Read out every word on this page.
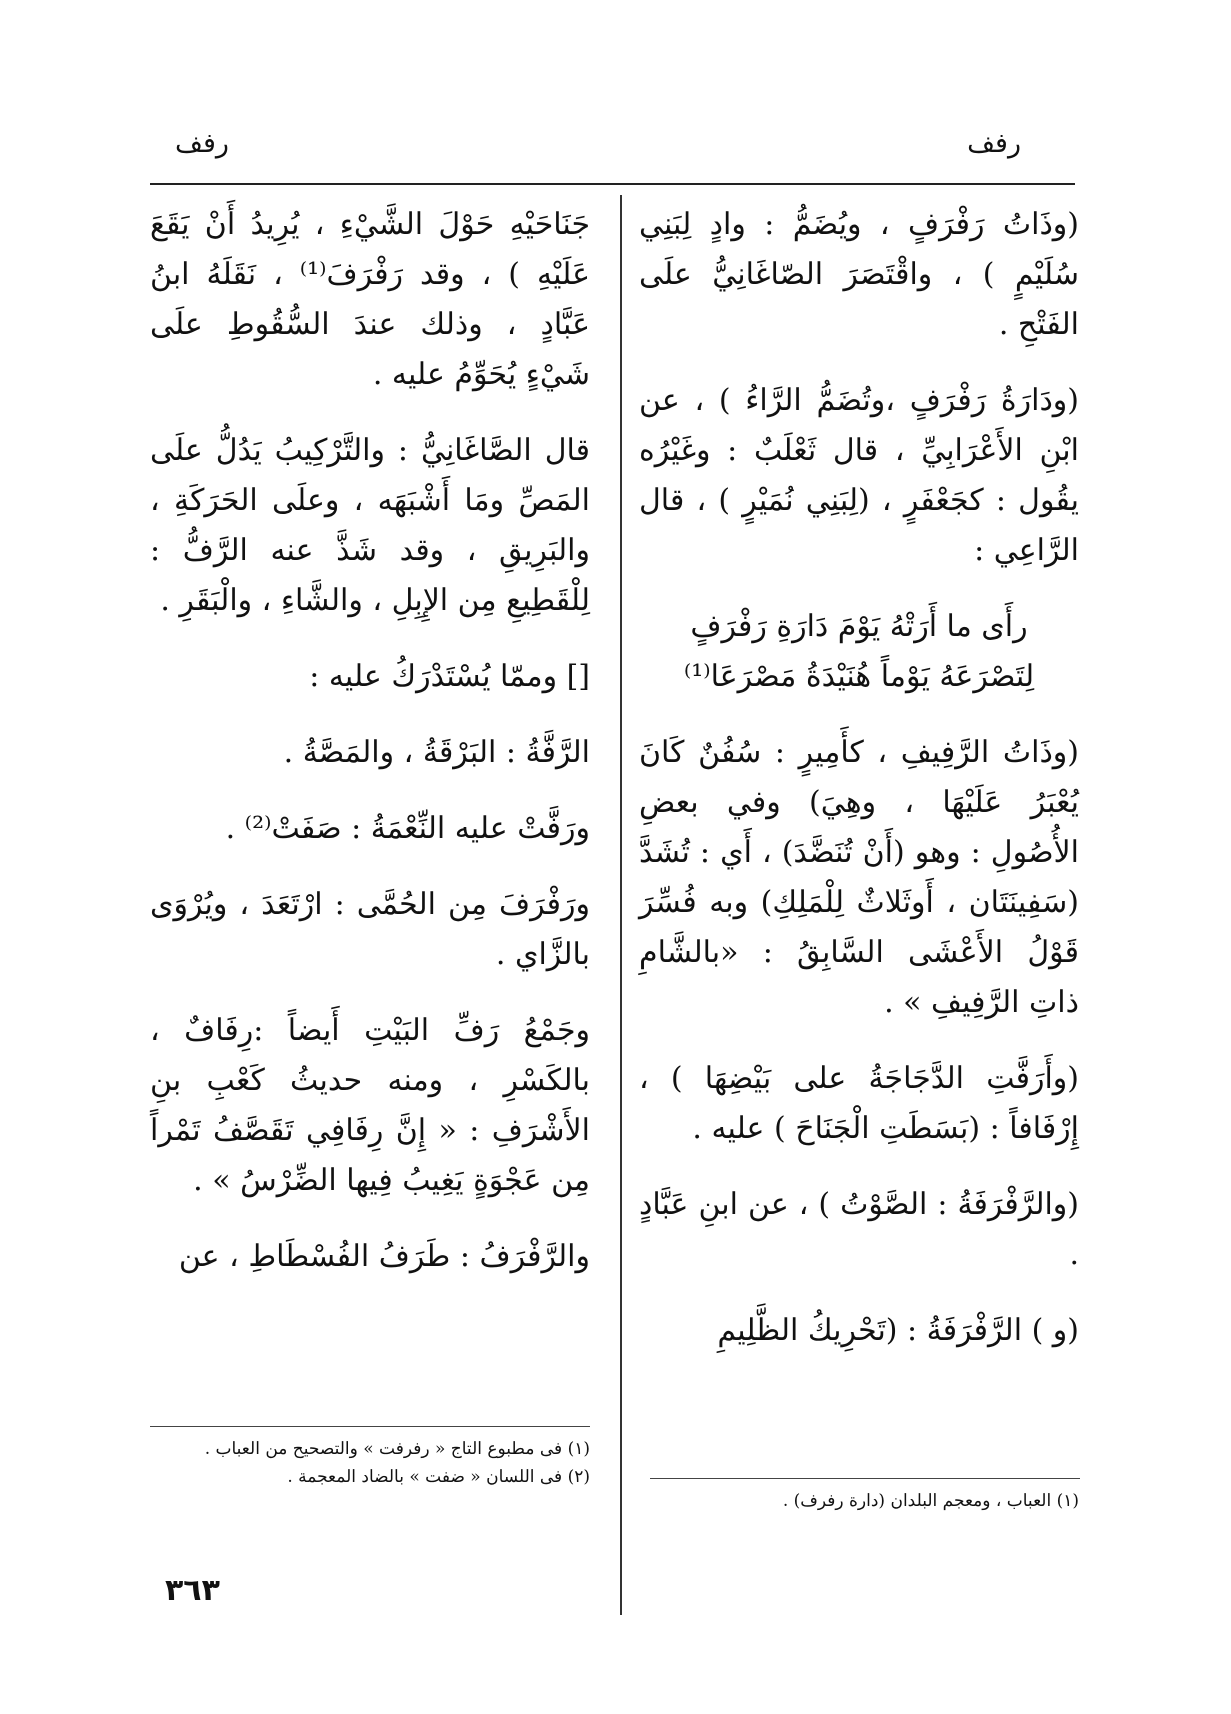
رفف
رفف

(وذَاتُ رَفْرَفٍ ، ويُضَمُّ : وادٍ لِبَنِي سُلَيْمٍ ) ، واقْتَصَرَ الصّاغَانِيُّ علَى الفَتْحِ .

(ودَارَةُ رَفْرَفٍ ،وتُضَمُّ الرَّاءُ ) ، عن ابْنِ الأَعْرَابِيِّ ، قال ثَعْلَبٌ : وغَيْرُه يقُول : كجَعْفَرٍ ، (لِبَنِي نُمَيْرٍ ) ، قال الرَّاعِي :

رأَى ما أَرَتْهُ يَوْمَ دَارَةِ رَفْرَفٍ
لِتَصْرَعَهُ يَوْماً هُنَيْدَةُ مَصْرَعَا⁽¹⁾

(وذَاتُ الرَّفِيفِ ، كأَمِيرٍ : سُفُنٌ كَانَ يُعْبَرُ عَلَيْهَا ، وهِيَ) وفي بعضِ الأُصُولِ : وهو (أَنْ تُنَضَّدَ) ، أَي : تُشَدَّ (سَفِينَتَان ، أَوثَلاثٌ لِلْمَلِكِ) وبه فُسِّرَ قَوْلُ الأَعْشَى السَّابِقُ : «بالشَّامِ ذاتِ الرَّفِيفِ » .

(وأَرَفَّتِ الدَّجَاجَةُ على بَيْضِهَا ) ، إِرْفَافاً : (بَسَطَتِ الْجَنَاحَ ) عليه .

(والرَّفْرَفَةُ : الصَّوْتُ ) ، عن ابنِ عَبَّادٍ .

(و ) الرَّفْرَفَةُ : (تَحْرِيكُ الظَّلِيمِ

جَنَاحَيْهِ حَوْلَ الشَّيْءِ ، يُرِيدُ أَنْ يَقَعَ عَلَيْهِ ) ، وقد رَفْرَفَ⁽¹⁾ ، نَقَلَهُ ابنُ عَبَّادٍ ، وذلك عندَ السُّقُوطِ علَى شَيْءٍ يُحَوِّمُ عليه .

قال الصَّاغَانِيُّ : والتَّرْكِيبُ يَدُلُّ علَى المَصِّ ومَا أَشْبَهَه ، وعلَى الحَرَكَةِ ، والبَرِيقِ ، وقد شَذَّ عنه الرَّفُّ : لِلْقَطِيعِ مِن الإِبِلِ ، والشَّاءِ ، والْبَقَرِ .

[] وممّا يُسْتَدْرَكُ عليه :

الرَّفَّةُ : البَرْقَةُ ، والمَصَّةُ .

ورَفَّتْ عليه النِّعْمَةُ : صَفَتْ⁽²⁾ .

ورَفْرَفَ مِن الحُمَّى : ارْتَعَدَ ، ويُرْوَى بالزَّاي .

وجَمْعُ رَفِّ البَيْتِ أَيضاً :رِفَافٌ ، بالكَسْرِ ، ومنه حديثُ كَعْبِ بنِ الأَشْرَفِ : « إِنَّ رِفَافِي تَقَصَّفُ تَمْراً مِن عَجْوَةٍ يَغِيبُ فِيها الضِّرْسُ » .

والرَّفْرَفُ : طَرَفُ الفُسْطَاطِ ، عن

(١) العباب ، ومعجم البلدان (دارة رفرف) .
(١) فى مطبوع التاج « رفرفت » والتصحيح من العباب .
(٢) فى اللسان « ضفت » بالضاد المعجمة .
٣٦٣
